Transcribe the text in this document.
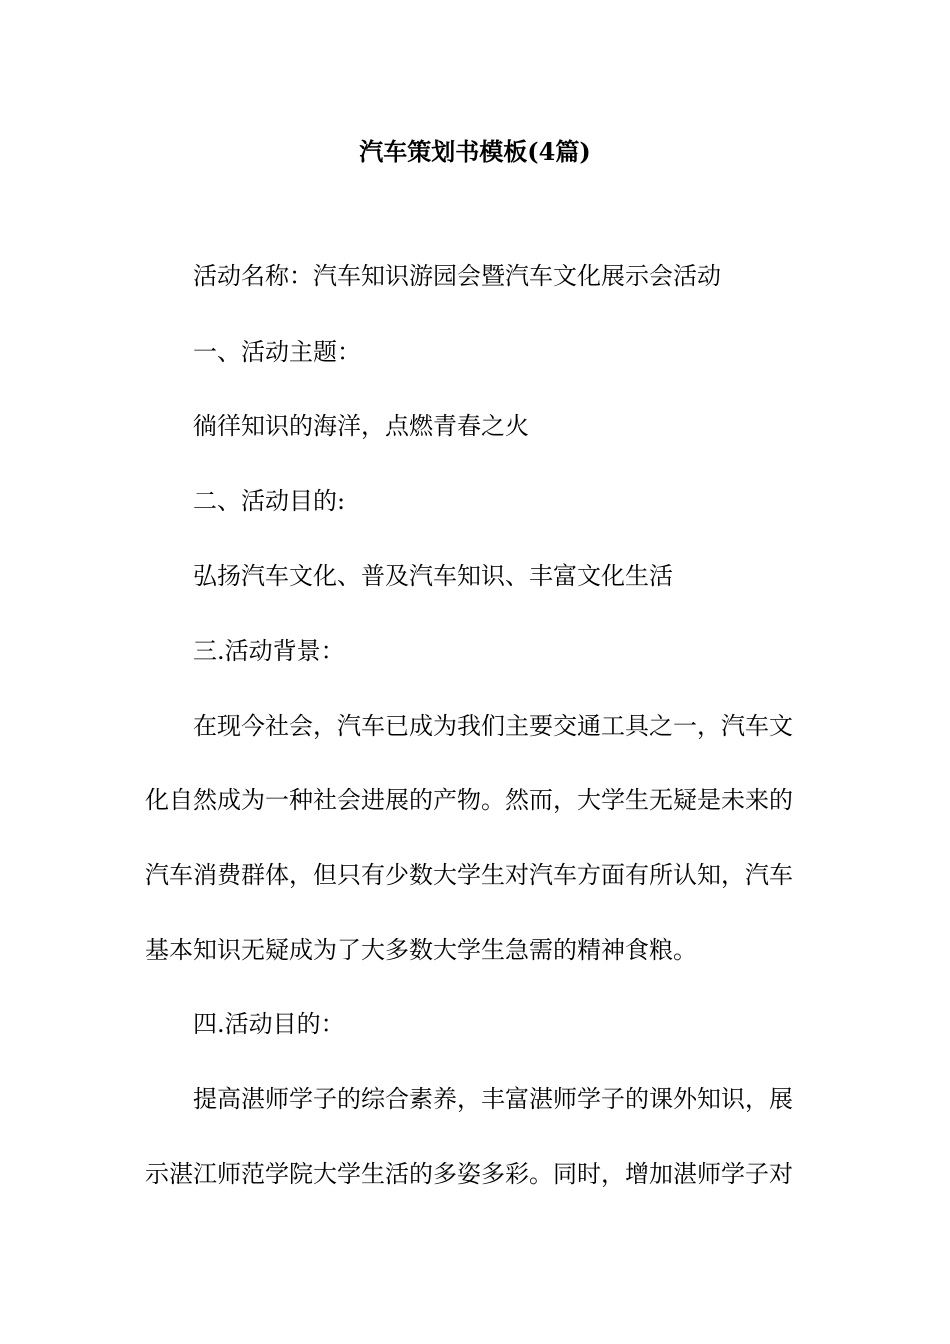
汽车策划书模板(4篇)

活动名称：汽车知识游园会暨汽车文化展示会活动

一、活动主题：

徜徉知识的海洋，点燃青春之火

二、活动目的:

弘扬汽车文化、普及汽车知识、丰富文化生活

三.活动背景：

在现今社会，汽车已成为我们主要交通工具之一，汽车文

化自然成为一种社会进展的产物。然而，大学生无疑是未来的

汽车消费群体，但只有少数大学生对汽车方面有所认知，汽车

基本知识无疑成为了大多数大学生急需的精神食粮。

四.活动目的：

提高湛师学子的综合素养，丰富湛师学子的课外知识，展

示湛江师范学院大学生活的多姿多彩。同时，增加湛师学子对
